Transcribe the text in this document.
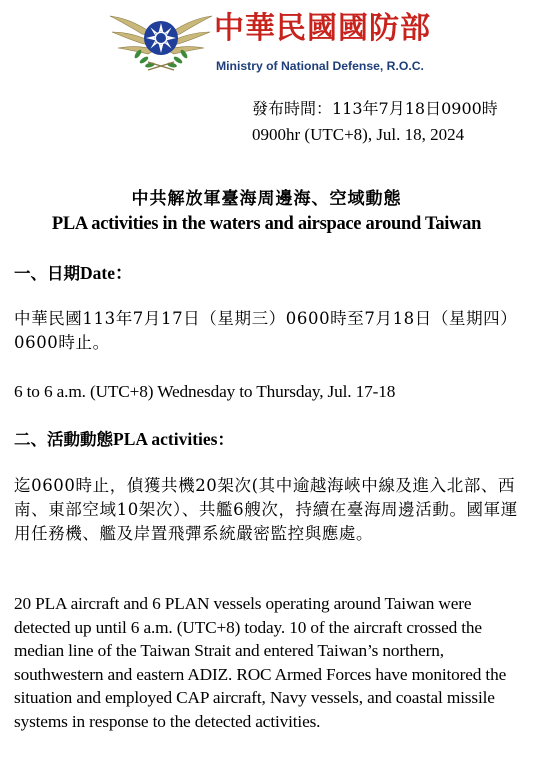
中華民國國防部
Ministry of National Defense, R.O.C.
發布時間：113年7月18日0900時
0900hr (UTC+8), Jul. 18, 2024
中共解放軍臺海周邊海、空域動態
PLA activities in the waters and airspace around Taiwan
一、日期Date：
中華民國113年7月17日（星期三）0600時至7月18日（星期四）0600時止。
6 to 6 a.m. (UTC+8) Wednesday to Thursday, Jul. 17-18
二、活動動態PLA activities：
迄0600時止，偵獲共機20架次(其中逾越海峽中線及進入北部、西南、東部空域10架次）、共艦6艘次，持續在臺海周邊活動。國軍運用任務機、艦及岸置飛彈系統嚴密監控與應處。
20 PLA aircraft and 6 PLAN vessels operating around Taiwan were detected up until 6 a.m. (UTC+8) today. 10 of the aircraft crossed the median line of the Taiwan Strait and entered Taiwan’s northern, southwestern and eastern ADIZ. ROC Armed Forces have monitored the situation and employed CAP aircraft, Navy vessels, and coastal missile systems in response to the detected activities.
